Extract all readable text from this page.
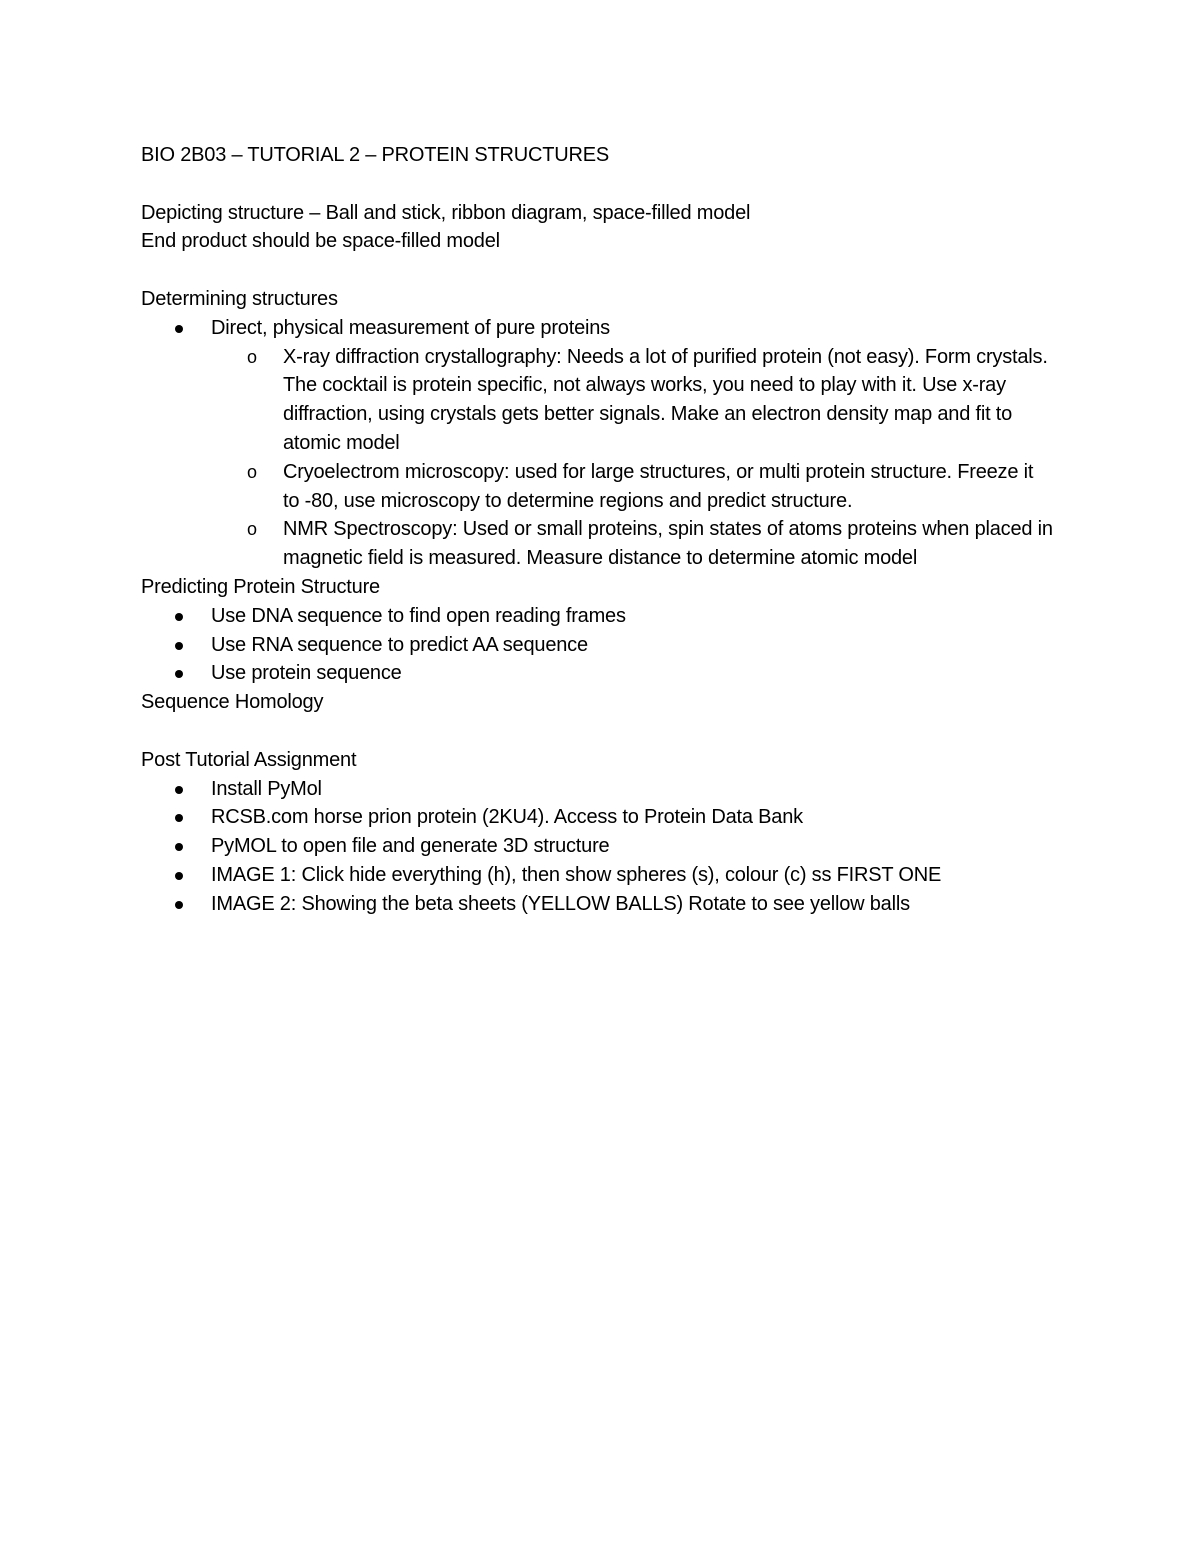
BIO 2B03 – TUTORIAL 2 – PROTEIN STRUCTURES

Depicting structure – Ball and stick, ribbon diagram, space-filled model

End product should be space-filled model

Determining structures

Direct, physical measurement of pure proteins
o X-ray diffraction crystallography: Needs a lot of purified protein (not easy). Form crystals. The cocktail is protein specific, not always works, you need to play with it. Use x-ray diffraction, using crystals gets better signals. Make an electron density map and fit to atomic model
o Cryoelectrom microscopy: used for large structures, or multi protein structure. Freeze it to -80, use microscopy to determine regions and predict structure.
o NMR Spectroscopy: Used or small proteins, spin states of atoms proteins when placed in magnetic field is measured. Measure distance to determine atomic model

Predicting Protein Structure

Use DNA sequence to find open reading frames
Use RNA sequence to predict AA sequence
Use protein sequence

Sequence Homology

Post Tutorial Assignment

Install PyMol
RCSB.com horse prion protein (2KU4). Access to Protein Data Bank
PyMOL to open file and generate 3D structure
IMAGE 1: Click hide everything (h), then show spheres (s), colour (c) ss FIRST ONE
IMAGE 2: Showing the beta sheets (YELLOW BALLS) Rotate to see yellow balls
